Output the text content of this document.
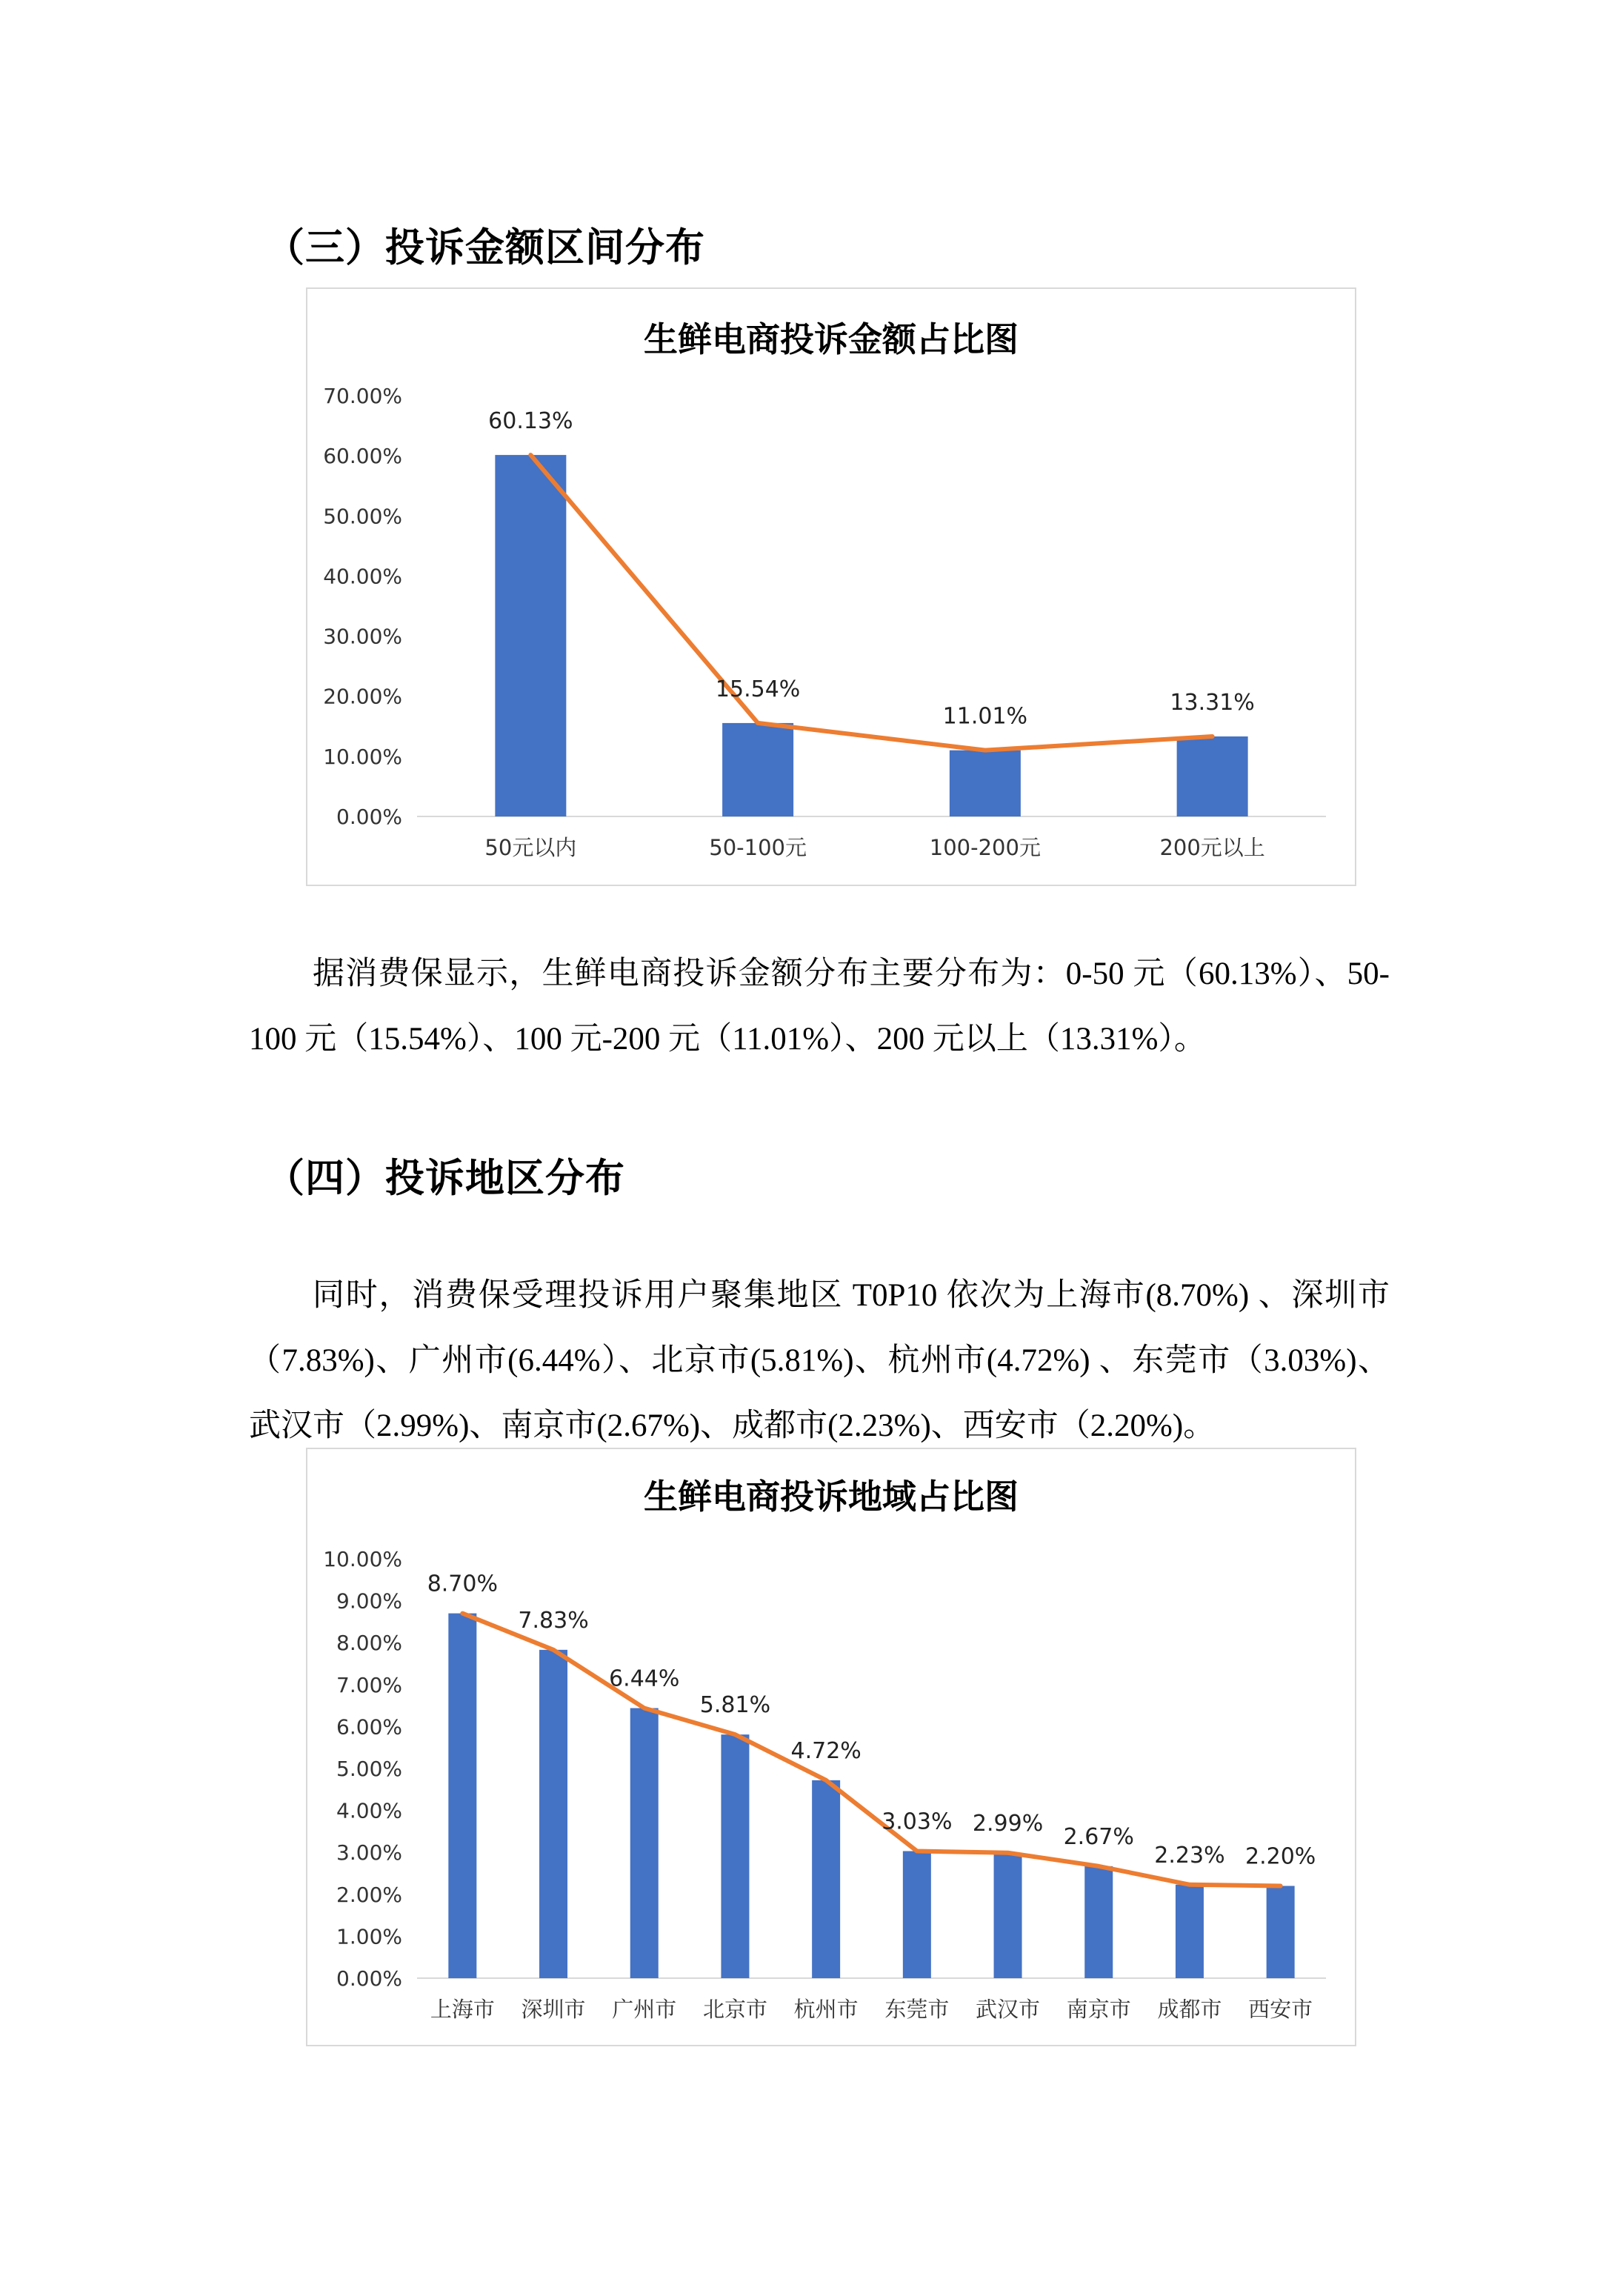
（三）投诉金额区间分布
生鲜电商投诉金额占比图
0.00%
10.00%
20.00%
30.00%
40.00%
50.00%
60.00%
70.00%
50元以内	50-100元	100-200元	200元以上
60.13%
15.54%
11.01%
13.31%

据消费保显示，生鲜电商投诉金额分布主要分布为：0-50 元（60.13%）、50-100 元（15.54%）、100 元-200 元（11.01%）、200 元以上（13.31%）。

（四）投诉地区分布

同时，消费保受理投诉用户聚集地区 T0P10 依次为上海市(8.70%) 、深圳市（7.83%)、广州市(6.44%）、北京市(5.81%)、杭州市(4.72%) 、东莞市（3.03%)、武汉市（2.99%)、南京市(2.67%)、成都市(2.23%)、西安市（2.20%)。

生鲜电商投诉地域占比图
0.00%
1.00%
2.00%
3.00%
4.00%
5.00%
6.00%
7.00%
8.00%
9.00%
10.00%
上海市 深圳市 广州市 北京市 杭州市 东莞市 武汉市 南京市 成都市 西安市
8.70%
7.83%
6.44%
5.81%
4.72%
3.03% 2.99%
2.67%
2.23% 2.20%
